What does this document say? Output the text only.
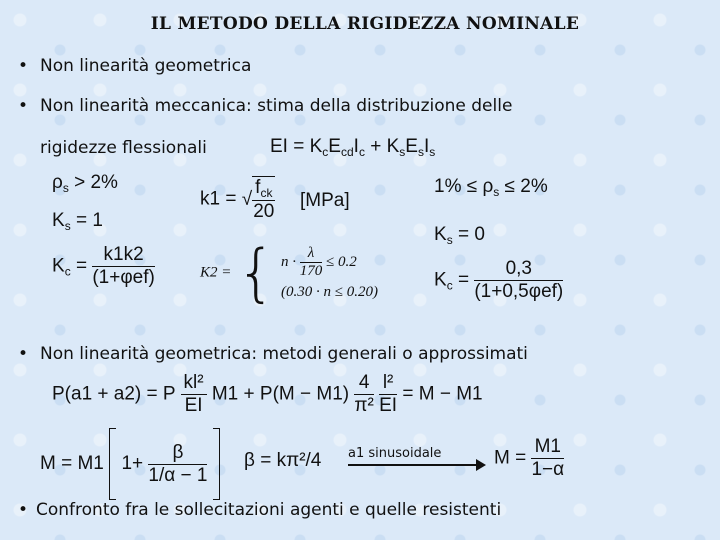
IL METODO DELLA RIGIDEZZA NOMINALE
• Non linearità geometrica
• Non linearità meccanica: stima della distribuzione delle
rigidezze flessionali	EI = $K_cE_{cd}I_c + K_sE_sI_s$
$\rho_s > 2\%$
$K_s = 1$
$K_c = \frac{k1k2}{\text{(1+φef)}}$
k1 = √ $\frac{f_{ck}}{20} [MPa]$
K2 = { $n \cdot \frac{\lambda}{170} \le 0.2$
(0.30 · n ≤ 0.20)
$1\% \le \rho_s \le 2\%$
$K_s = 0$
$K_c = \frac{0,3}{\text{(1+0,5φef)}}$
• Non linearità geometrica: metodi generali o approssimati
P(a1 + a2) = P $\frac{\text{kl²}}{EI} M1 + P(M - M1) \frac{4}{\text{π²}}$
$\frac{\text{l²}}{EI} = M - M1$
M = M1 $1+ \frac{\beta}{1/\alpha - 1}$
β = kπ²/4 a1 sinusoidale	$M = \frac{M1}{1-\alpha}$
• Confronto fra le sollecitazioni agenti e quelle resistenti
